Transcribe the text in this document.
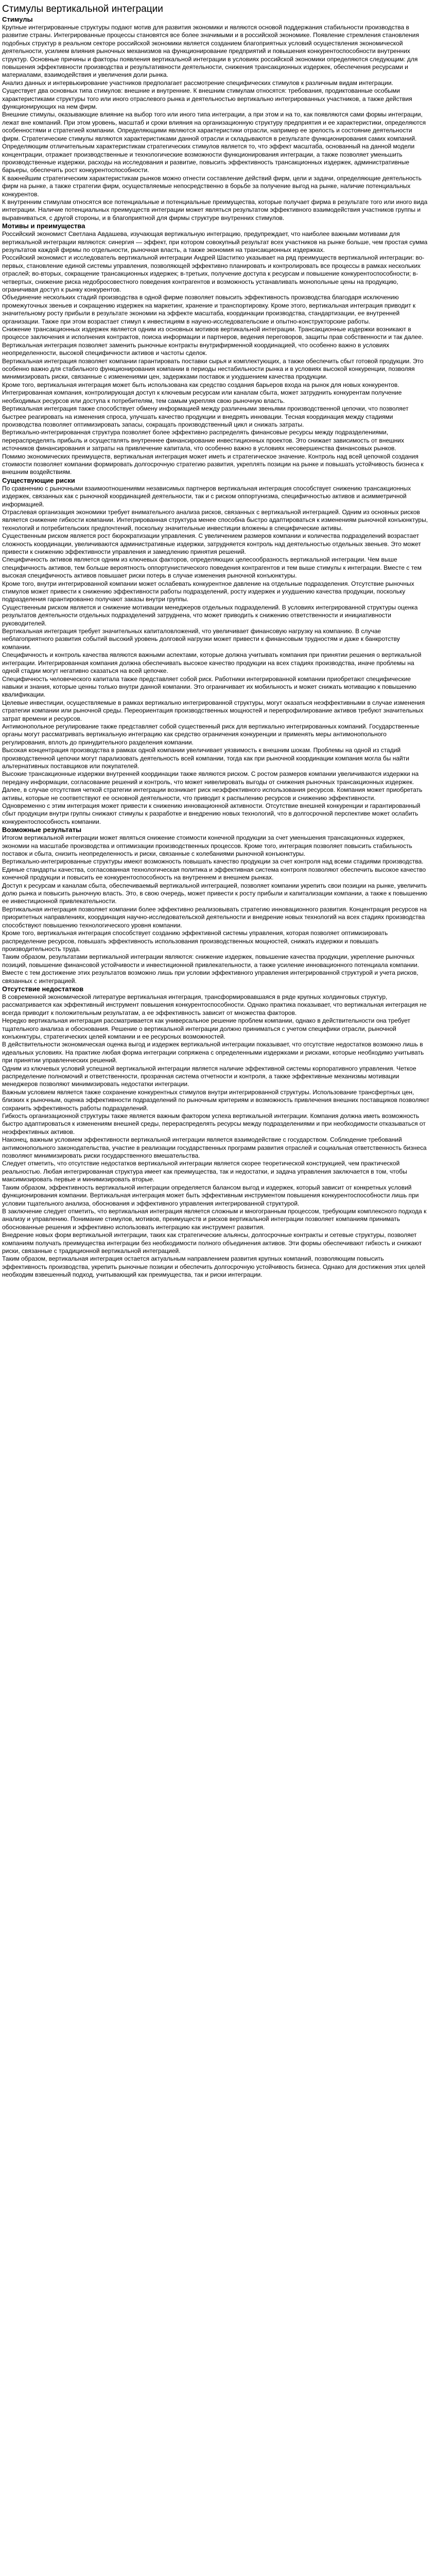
Стимулы вертикальной интеграции
Стимулы

Крупные интегрированные структуры подают мотив для развития экономики и являются основой поддержания стабильности производства в развитие страны. Интегрированные процессы становятся все более значимыми и в российской экономике. Появление стремления становления подобных структур в реальном секторе российской экономики является созданием благоприятных условий осуществления экономической деятельности, усилием влияния рыночных механизмов на функционирование предприятий и повышения конкурентоспособности внутренних структур. Основные причины и факторы появления вертикальной интеграции в условиях российской экономики определяются следующим: для повышения эффективности производства и результативности деятельности, снижения трансакционных издержек, обеспечения ресурсами и материалами, взаимодействия и увеличения доли рынка.

Анализ данных и интервьюирование участников предполагает рассмотрение специфических стимулов к различным видам интеграции.

Существует два основных типа стимулов: внешние и внутренние. К внешним стимулам относятся: требования, продиктованные особыми характеристиками структуры того или иного отраслевого рынка и деятельностью вертикально интегрированных участников, а также действия функционирующих на нем фирм.

Внешние стимулы, оказывающие влияние на выбор того или иного типа интеграции, а при этом и на то, как появляются сами формы интеграции, лежат вне компаний. При этом уровень, масштаб и сроки влияния на организационную структуру предприятия и ее характеристики, определяются особенностями и стратегией компании. Определяющими являются характеристики отрасли, например ее зрелость и состояние деятельности фирм. Стратегические стимулы являются характеристиками данной отрасли и складываются в результате функционирования самих компаний.

Определяющим отличительным характеристикам стратегических стимулов является то, что эффект масштаба, основанный на данной модели концентрации, отражает производственные и технологические возможности функционирования интеграции, а также позволяет уменьшить производственные издержки, расходы на исследования и развитие, повысить эффективность трансакционных издержек, административные барьеры, обеспечить рост конкурентоспособности.

К важнейшим стратегическим характеристикам рынков можно отнести составление действий фирм, цели и задачи, определяющие деятельность фирм на рынке, а также стратегии фирм, осуществляемые непосредственно в борьбе за получение выгод на рынке, наличие потенциальных конкурентов.

К внутренним стимулам относятся все потенциальные и потенциальные преимущества, которые получает фирма в результате того или иного вида интеграции. Наличие потенциальных преимуществ интеграции может являться результатом эффективного взаимодействия участников группы и выравниваться, с другой стороны, и в благоприятной для фирмы структуре внутренних стимулов.

Мотивы и преимущества

Российский экономист Светлана Авдашева, изучающая вертикальную интеграцию, предупреждает, что наиболее важными мотивами для вертикальной интеграции являются: синергия — эффект, при котором совокупный результат всех участников на рынке больше, чем простая сумма результатов каждой фирмы по отдельности, рыночная власть, а также экономия на трансакционных издержках.

Российский экономист и исследователь вертикальной интеграции Андрей Шаститко указывает на ряд преимуществ вертикальной интеграции: во-первых, становление единой системы управления, позволяющей эффективно планировать и контролировать все процессы в рамках нескольких отраслей; во-вторых, сокращение трансакционных издержек; в-третьих, получение доступа к ресурсам и повышение конкурентоспособности; в-четвертых, снижение риска недобросовестного поведения контрагентов и возможность устанавливать монопольные цены на продукцию, ограничивая доступ к рынку конкурентов.

Объединение нескольких стадий производства в одной фирме позволяет повысить эффективность производства благодаря исключению промежуточных звеньев и сокращению издержек на маркетинг, хранение и транспортировку. Кроме этого, вертикальная интеграция приводит к значительному росту прибыли в результате экономии на эффекте масштаба, координации производства, стандартизации, ее внутренней организации. Также при этом возрастает стимул к инвестициям в научно-исследовательские и опытно-конструкторские работы.

Снижение трансакционных издержек является одним из основных мотивов вертикальной интеграции. Трансакционные издержки возникают в процессе заключения и исполнения контрактов, поиска информации и партнеров, ведения переговоров, защиты прав собственности и так далее. Вертикальная интеграция позволяет заменить рыночные контракты внутрифирменной координацией, что особенно важно в условиях неопределенности, высокой специфичности активов и частоты сделок.

Вертикальная интеграция позволяет компании гарантировать поставки сырья и комплектующих, а также обеспечить сбыт готовой продукции. Это особенно важно для стабильного функционирования компании в периоды нестабильности рынка и в условиях высокой конкуренции, позволяя минимизировать риски, связанные с изменениями цен, задержками поставок и ухудшением качества продукции.

Кроме того, вертикальная интеграция может быть использована как средство создания барьеров входа на рынок для новых конкурентов. Интегрированная компания, контролирующая доступ к ключевым ресурсам или каналам сбыта, может затруднить конкурентам получение необходимых ресурсов или доступа к потребителям, тем самым укрепляя свою рыночную власть.

Вертикальная интеграция также способствует обмену информацией между различными звеньями производственной цепочки, что позволяет быстрее реагировать на изменения спроса, улучшать качество продукции и внедрять инновации. Тесная координация между стадиями производства позволяет оптимизировать запасы, сокращать производственный цикл и снижать затраты.

Вертикально-интегрированная структура позволяет более эффективно распределять финансовые ресурсы между подразделениями, перераспределять прибыль и осуществлять внутреннее финансирование инвестиционных проектов. Это снижает зависимость от внешних источников финансирования и затраты на привлечение капитала, что особенно важно в условиях несовершенства финансовых рынков.

Помимо экономических преимуществ, вертикальная интеграция может иметь и стратегическое значение. Контроль над всей цепочкой создания стоимости позволяет компании формировать долгосрочную стратегию развития, укреплять позиции на рынке и повышать устойчивость бизнеса к внешним воздействиям.

Существующие риски

По сравнению с рыночными взаимоотношениями независимых партнеров вертикальная интеграция способствует снижению трансакционных издержек, связанных как с рыночной координацией деятельности, так и с риском оппортунизма, специфичностью активов и асимметричной информацией.

Отраслевая организация экономики требует внимательного анализа рисков, связанных с вертикальной интеграцией. Одним из основных рисков является снижение гибкости компании. Интегрированная структура менее способна быстро адаптироваться к изменениям рыночной конъюнктуры, технологий и потребительских предпочтений, поскольку значительные инвестиции вложены в специфические активы.

Существенным риском является рост бюрократизации управления. С увеличением размеров компании и количества подразделений возрастает сложность координации, увеличиваются административные издержки, затрудняется контроль над деятельностью отдельных звеньев. Это может привести к снижению эффективности управления и замедлению принятия решений.

Специфичность активов является одним из ключевых факторов, определяющих целесообразность вертикальной интеграции. Чем выше специфичность активов, тем больше вероятность оппортунистического поведения контрагентов и тем выше стимулы к интеграции. Вместе с тем высокая специфичность активов повышает риски потерь в случае изменения рыночной конъюнктуры.

Кроме того, внутри интегрированной компании может ослабевать конкурентное давление на отдельные подразделения. Отсутствие рыночных стимулов может привести к снижению эффективности работы подразделений, росту издержек и ухудшению качества продукции, поскольку подразделения гарантированно получают заказы внутри группы.

Существенным риском является и снижение мотивации менеджеров отдельных подразделений. В условиях интегрированной структуры оценка результатов деятельности отдельных подразделений затруднена, что может приводить к снижению ответственности и инициативности руководителей.

Вертикальная интеграция требует значительных капиталовложений, что увеличивает финансовую нагрузку на компанию. В случае неблагоприятного развития событий высокий уровень долговой нагрузки может привести к финансовым трудностям и даже к банкротству компании.

Специфичность и контроль качества являются важными аспектами, которые должна учитывать компания при принятии решения о вертикальной интеграции. Интегрированная компания должна обеспечивать высокое качество продукции на всех стадиях производства, иначе проблемы на одной стадии могут негативно сказаться на всей цепочке.

Специфичность человеческого капитала также представляет собой риск. Работники интегрированной компании приобретают специфические навыки и знания, которые ценны только внутри данной компании. Это ограничивает их мобильность и может снижать мотивацию к повышению квалификации.

Целевые инвестиции, осуществляемые в рамках вертикально интегрированной структуры, могут оказаться неэффективными в случае изменения стратегии компании или рыночной среды. Переориентация производственных мощностей и перепрофилирование активов требуют значительных затрат времени и ресурсов.

Антимонопольное регулирование также представляет собой существенный риск для вертикально интегрированных компаний. Государственные органы могут рассматривать вертикальную интеграцию как средство ограничения конкуренции и применять меры антимонопольного регулирования, вплоть до принудительного разделения компании.

Высокая концентрация производства в рамках одной компании увеличивает уязвимость к внешним шокам. Проблемы на одной из стадий производственной цепочки могут парализовать деятельность всей компании, тогда как при рыночной координации компания могла бы найти альтернативных поставщиков или покупателей.

Высокие трансакционные издержки внутренней координации также являются риском. С ростом размеров компании увеличиваются издержки на передачу информации, согласование решений и контроль, что может нивелировать выгоды от снижения рыночных трансакционных издержек.

Далее, в случае отсутствия четкой стратегии интеграции возникает риск неэффективного использования ресурсов. Компания может приобретать активы, которые не соответствуют ее основной деятельности, что приводит к распылению ресурсов и снижению эффективности.

Одновременно с этим интеграция может привести к снижению инновационной активности. Отсутствие внешней конкуренции и гарантированный сбыт продукции внутри группы снижают стимулы к разработке и внедрению новых технологий, что в долгосрочной перспективе может ослабить конкурентоспособность компании.

Возможные результаты

Итогом вертикальной интеграции может являться снижение стоимости конечной продукции за счет уменьшения трансакционных издержек, экономии на масштабе производства и оптимизации производственных процессов. Кроме того, интеграция позволяет повысить стабильность поставок и сбыта, снизить неопределенность и риски, связанные с колебаниями рыночной конъюнктуры.

Вертикально-интегрированные структуры имеют возможность повышать качество продукции за счет контроля над всеми стадиями производства. Единые стандарты качества, согласованная технологическая политика и эффективная система контроля позволяют обеспечить высокое качество конечной продукции и повысить ее конкурентоспособность на внутреннем и внешнем рынках.

Доступ к ресурсам и каналам сбыта, обеспечиваемый вертикальной интеграцией, позволяет компании укрепить свои позиции на рынке, увеличить долю рынка и повысить рыночную власть. Это, в свою очередь, может привести к росту прибыли и капитализации компании, а также к повышению ее инвестиционной привлекательности.

Вертикальная интеграция позволяет компании более эффективно реализовывать стратегию инновационного развития. Концентрация ресурсов на приоритетных направлениях, координация научно-исследовательской деятельности и внедрение новых технологий на всех стадиях производства способствуют повышению технологического уровня компании.

Кроме того, вертикальная интеграция способствует созданию эффективной системы управления, которая позволяет оптимизировать распределение ресурсов, повышать эффективность использования производственных мощностей, снижать издержки и повышать производительность труда.

Таким образом, результатами вертикальной интеграции являются: снижение издержек, повышение качества продукции, укрепление рыночных позиций, повышение финансовой устойчивости и инвестиционной привлекательности, а также усиление инновационного потенциала компании. Вместе с тем достижение этих результатов возможно лишь при условии эффективного управления интегрированной структурой и учета рисков, связанных с интеграцией.

Отсутствие недостатков

В современной экономической литературе вертикальная интеграция, трансформировавшаяся в ряде крупных холдинговых структур, рассматривается как эффективный инструмент повышения конкурентоспособности. Однако практика показывает, что вертикальная интеграция не всегда приводит к положительным результатам, а ее эффективность зависит от множества факторов.

Нередко вертикальная интеграция рассматривается как универсальное решение проблем компании, однако в действительности она требует тщательного анализа и обоснования. Решение о вертикальной интеграции должно приниматься с учетом специфики отрасли, рыночной конъюнктуры, стратегических целей компании и ее ресурсных возможностей.

В действительности экономическая оценка выгод и издержек вертикальной интеграции показывает, что отсутствие недостатков возможно лишь в идеальных условиях. На практике любая форма интеграции сопряжена с определенными издержками и рисками, которые необходимо учитывать при принятии управленческих решений.

Одним из ключевых условий успешной вертикальной интеграции является наличие эффективной системы корпоративного управления. Четкое распределение полномочий и ответственности, прозрачная система отчетности и контроля, а также эффективные механизмы мотивации менеджеров позволяют минимизировать недостатки интеграции.

Важным условием является также сохранение конкурентных стимулов внутри интегрированной структуры. Использование трансфертных цен, близких к рыночным, оценка эффективности подразделений по рыночным критериям и возможность привлечения внешних поставщиков позволяют сохранить эффективность работы подразделений.

Гибкость организационной структуры также является важным фактором успеха вертикальной интеграции. Компания должна иметь возможность быстро адаптироваться к изменениям внешней среды, перераспределять ресурсы между подразделениями и при необходимости отказываться от неэффективных активов.

Наконец, важным условием эффективности вертикальной интеграции является взаимодействие с государством. Соблюдение требований антимонопольного законодательства, участие в реализации государственных программ развития отраслей и социальная ответственность бизнеса позволяют минимизировать риски государственного вмешательства.

Следует отметить, что отсутствие недостатков вертикальной интеграции является скорее теоретической конструкцией, чем практической реальностью. Любая интегрированная структура имеет как преимущества, так и недостатки, и задача управления заключается в том, чтобы максимизировать первые и минимизировать вторые.

Таким образом, эффективность вертикальной интеграции определяется балансом выгод и издержек, который зависит от конкретных условий функционирования компании. Вертикальная интеграция может быть эффективным инструментом повышения конкурентоспособности лишь при условии тщательного анализа, обоснования и эффективного управления интегрированной структурой.

В заключение следует отметить, что вертикальная интеграция является сложным и многогранным процессом, требующим комплексного подхода к анализу и управлению. Понимание стимулов, мотивов, преимуществ и рисков вертикальной интеграции позволяет компаниям принимать обоснованные решения и эффективно использовать интеграцию как инструмент развития.

Внедрение новых форм вертикальной интеграции, таких как стратегические альянсы, долгосрочные контракты и сетевые структуры, позволяет компаниям получать преимущества интеграции без необходимости полного объединения активов. Эти формы обеспечивают гибкость и снижают риски, связанные с традиционной вертикальной интеграцией.

Таким образом, вертикальная интеграция остается актуальным направлением развития крупных компаний, позволяющим повысить эффективность производства, укрепить рыночные позиции и обеспечить долгосрочную устойчивость бизнеса. Однако для достижения этих целей необходим взвешенный подход, учитывающий как преимущества, так и риски интеграции.
